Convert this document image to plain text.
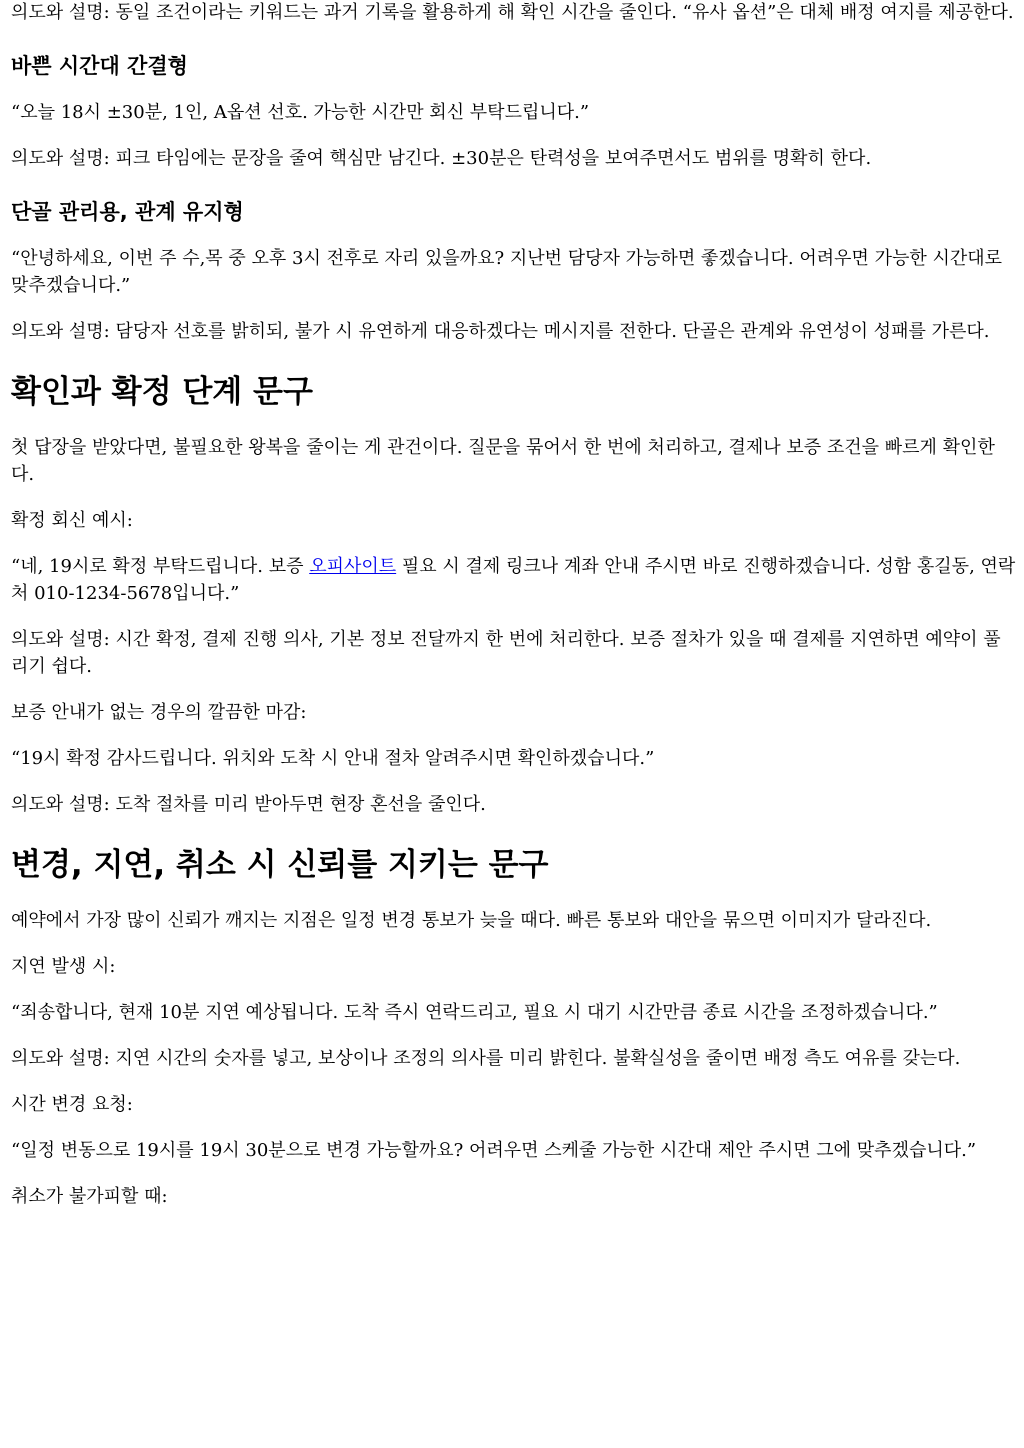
의도와 설명: 동일 조건이라는 키워드는 과거 기록을 활용하게 해 확인 시간을 줄인다. “유사 옵션”은 대체 배정 여지를 제공한다.

바쁜 시간대 간결형

“오늘 18시 ±30분, 1인, A옵션 선호. 가능한 시간만 회신 부탁드립니다.”

의도와 설명: 피크 타임에는 문장을 줄여 핵심만 남긴다. ±30분은 탄력성을 보여주면서도 범위를 명확히 한다.

단골 관리용, 관계 유지형

“안녕하세요, 이번 주 수,목 중 오후 3시 전후로 자리 있을까요? 지난번 담당자 가능하면 좋겠습니다. 어려우면 가능한 시간대로 맞추겠습니다.”

의도와 설명: 담당자 선호를 밝히되, 불가 시 유연하게 대응하겠다는 메시지를 전한다. 단골은 관계와 유연성이 성패를 가른다.

확인과 확정 단계 문구

첫 답장을 받았다면, 불필요한 왕복을 줄이는 게 관건이다. 질문을 묶어서 한 번에 처리하고, 결제나 보증 조건을 빠르게 확인한다.

확정 회신 예시:

“네, 19시로 확정 부탁드립니다. 보증 오피사이트 필요 시 결제 링크나 계좌 안내 주시면 바로 진행하겠습니다. 성함 홍길동, 연락처 010-1234-5678입니다.”

의도와 설명: 시간 확정, 결제 진행 의사, 기본 정보 전달까지 한 번에 처리한다. 보증 절차가 있을 때 결제를 지연하면 예약이 풀리기 쉽다.

보증 안내가 없는 경우의 깔끔한 마감:

“19시 확정 감사드립니다. 위치와 도착 시 안내 절차 알려주시면 확인하겠습니다.”

의도와 설명: 도착 절차를 미리 받아두면 현장 혼선을 줄인다.

변경, 지연, 취소 시 신뢰를 지키는 문구

예약에서 가장 많이 신뢰가 깨지는 지점은 일정 변경 통보가 늦을 때다. 빠른 통보와 대안을 묶으면 이미지가 달라진다.

지연 발생 시:

“죄송합니다, 현재 10분 지연 예상됩니다. 도착 즉시 연락드리고, 필요 시 대기 시간만큼 종료 시간을 조정하겠습니다.”

의도와 설명: 지연 시간의 숫자를 넣고, 보상이나 조정의 의사를 미리 밝힌다. 불확실성을 줄이면 배정 측도 여유를 갖는다.

시간 변경 요청:

“일정 변동으로 19시를 19시 30분으로 변경 가능할까요? 어려우면 스케줄 가능한 시간대 제안 주시면 그에 맞추겠습니다.”

취소가 불가피할 때:
